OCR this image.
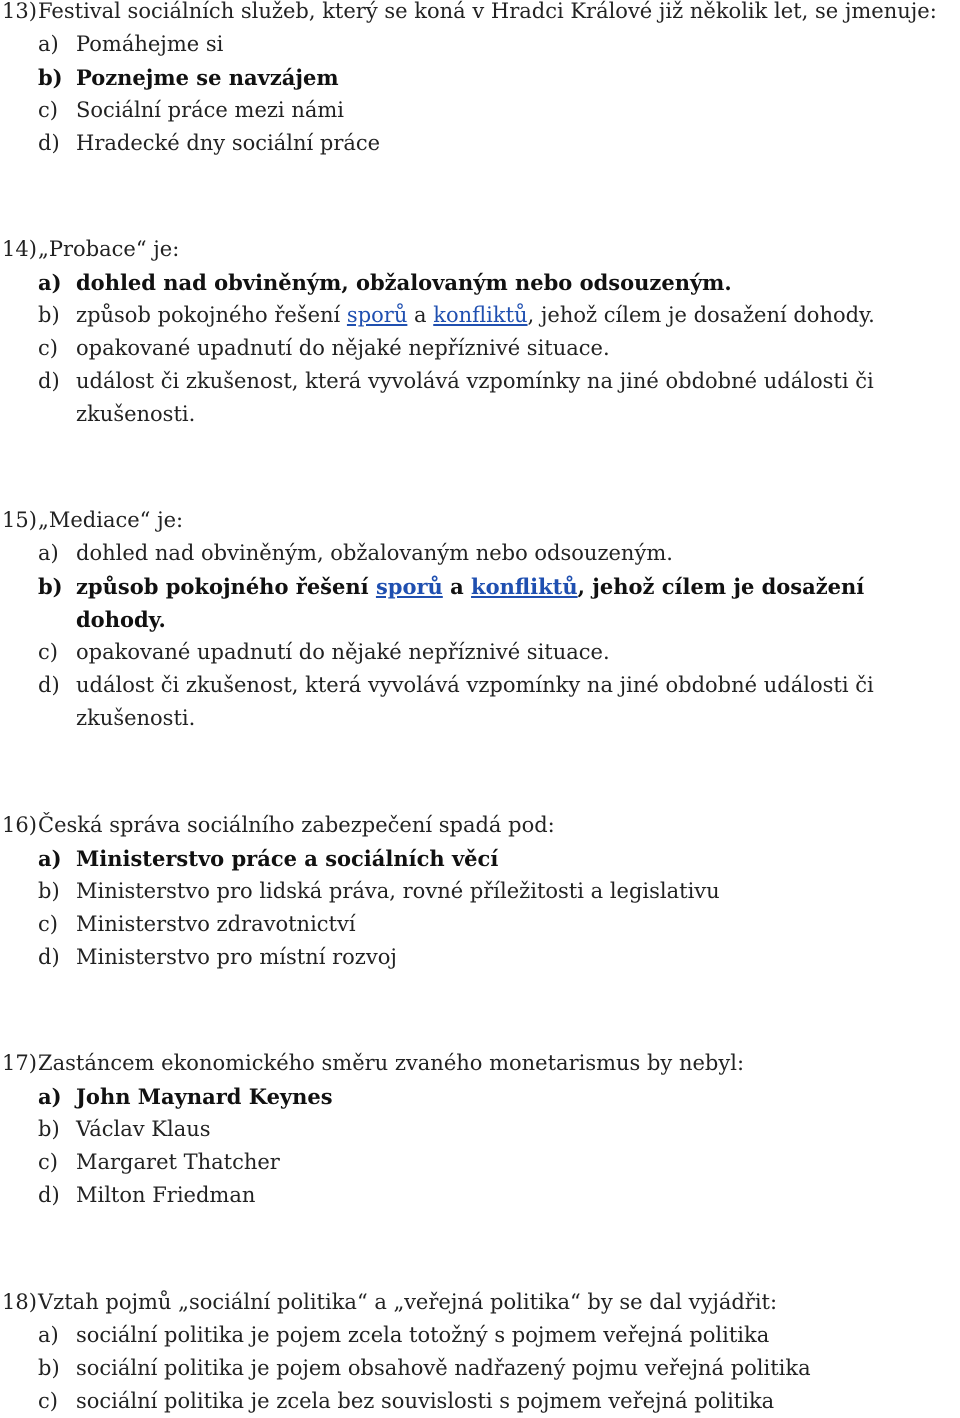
13)Festival sociálních služeb, který se koná v Hradci Králové již několik let, se jmenuje:
a) Pomáhejme si
b) Poznejme se navzájem
c) Sociální práce mezi námi
d) Hradecké dny sociální práce
14)„Probace“ je:
a) dohled nad obviněným, obžalovaným nebo odsouzeným.
b) způsob pokojného řešení sporů a konfliktů, jehož cílem je dosažení dohody.
c) opakované upadnutí do nějaké nepříznivé situace.
d) událost či zkušenost, která vyvolává vzpomínky na jiné obdobné události či zkušenosti.
15)„Mediace“ je:
a) dohled nad obviněným, obžalovaným nebo odsouzeným.
b) způsob pokojného řešení sporů a konfliktů, jehož cílem je dosažení dohody.
c) opakované upadnutí do nějaké nepříznivé situace.
d) událost či zkušenost, která vyvolává vzpomínky na jiné obdobné události či zkušenosti.
16)Česká správa sociálního zabezpečení spadá pod:
a) Ministerstvo práce a sociálních věcí
b) Ministerstvo pro lidská práva, rovné příležitosti a legislativu
c) Ministerstvo zdravotnictví
d) Ministerstvo pro místní rozvoj
17)Zastáncem ekonomického směru zvaného monetarismus by nebyl:
a) John Maynard Keynes
b) Václav Klaus
c) Margaret Thatcher
d) Milton Friedman
18)Vztah pojmů „sociální politika“ a „veřejná politika“ by se dal vyjádřit:
a) sociální politika je pojem zcela totožný s pojmem veřejná politika
b) sociální politika je pojem obsahově nadřazený pojmu veřejná politika
c) sociální politika je zcela bez souvislosti s pojmem veřejná politika
